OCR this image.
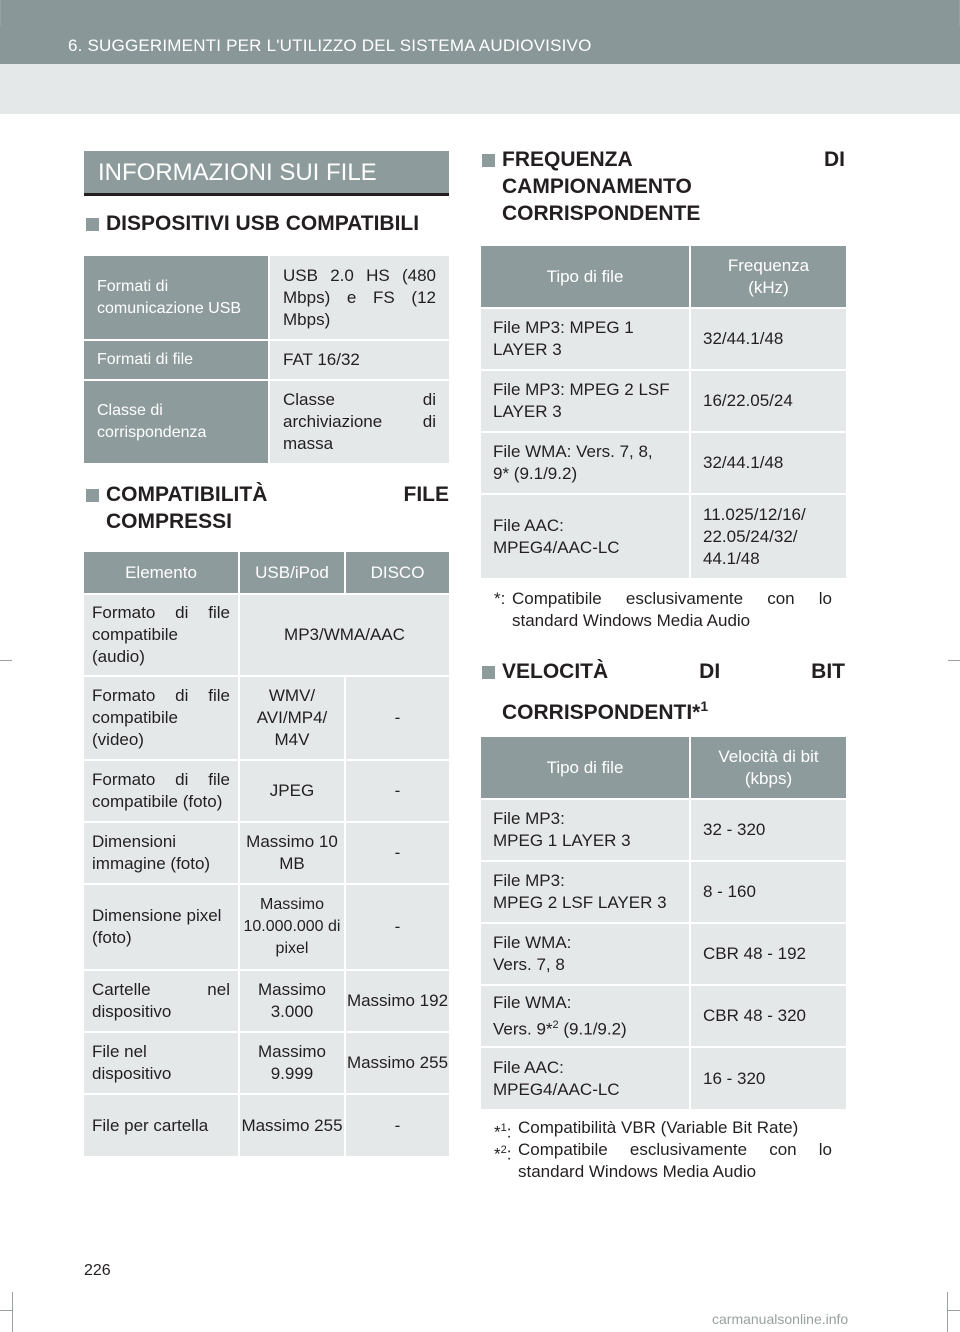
6. SUGGERIMENTI PER L'UTILIZZO DEL SISTEMA AUDIOVISIVO
INFORMAZIONI SUI FILE
DISPOSITIVI USB COMPATIBILI
Formati di comunicazione USB	USB 2.0 HS (480 Mbps) e FS (12 Mbps)
Formati di file	FAT 16/32
Classe di corrispondenza	Classe di archiviazione di massa
COMPATIBILITÀ FILE
COMPRESSI
Elemento	USB/iPod	DISCO
Formato di file compatibile (audio)	MP3/WMA/AAC	
Formato di file compatibile (video)	WMV/ AVI/MP4/ M4V	-
Formato di file compatibile (foto)	JPEG	-
Dimensioni immagine (foto)	Massimo 10 MB	-
Dimensione pixel (foto)	Massimo 10.000.000 di pixel	-
Cartelle nel dispositivo	Massimo 3.000	Massimo 192
File nel dispositivo	Massimo 9.999	Massimo 255
File per cartella	Massimo 255	-
FREQUENZA DI
CAMPIONAMENTO
CORRISPONDENTE
Tipo di file	Frequenza (kHz)
File MP3: MPEG 1 LAYER 3	32/44.1/48
File MP3: MPEG 2 LSF LAYER 3	16/22.05/24
File WMA: Vers. 7, 8, 9* (9.1/9.2)	32/44.1/48
File AAC: MPEG4/AAC-LC	11.025/12/16/ 22.05/24/32/ 44.1/48
*: Compatibile esclusivamente con lo standard Windows Media Audio
VELOCITÀ DI BIT
CORRISPONDENTI*$^1$
Tipo di file	Velocità di bit (kbps)

File MP3:
MPEG 1 LAYER 3	32 - 320

File MP3:
MPEG 2 LSF LAYER 3	8 - 160

File WMA:
Vers. 7, 8	CBR 48 - 192

File WMA:
Vers. 9*$^2$ (9.1/9.2)	CBR 48 - 320

File AAC:
MPEG4/AAC-LC	16 - 320
*$^1$: Compatibilità VBR (Variable Bit Rate)
*$^2$: Compatibile esclusivamente con lo standard Windows Media Audio
226
carmanualsonline.info
